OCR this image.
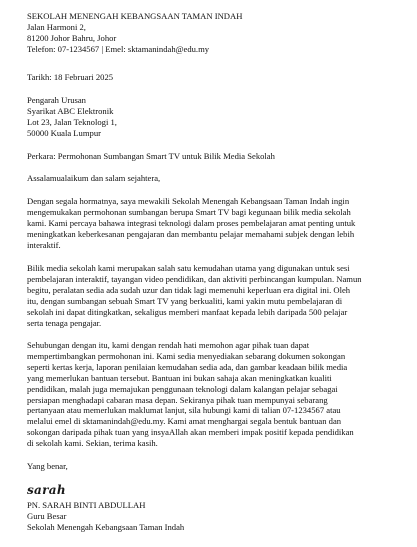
SEKOLAH MENENGAH KEBANGSAAN TAMAN INDAH
Jalan Harmoni 2,
81200 Johor Bahru, Johor
Telefon: 07-1234567 | Emel: sktamanindah@edu.my
Tarikh: 18 Februari 2025
Pengarah Urusan
Syarikat ABC Elektronik
Lot 23, Jalan Teknologi 1,
50000 Kuala Lumpur
Perkara: Permohonan Sumbangan Smart TV untuk Bilik Media Sekolah
Assalamualaikum dan salam sejahtera,
Dengan segala hormatnya, saya mewakili Sekolah Menengah Kebangsaan Taman Indah ingin
mengemukakan permohonan sumbangan berupa Smart TV bagi kegunaan bilik media sekolah
kami. Kami percaya bahawa integrasi teknologi dalam proses pembelajaran amat penting untuk
meningkatkan keberkesanan pengajaran dan membantu pelajar memahami subjek dengan lebih
interaktif.
Bilik media sekolah kami merupakan salah satu kemudahan utama yang digunakan untuk sesi
pembelajaran interaktif, tayangan video pendidikan, dan aktiviti perbincangan kumpulan. Namun
begitu, peralatan sedia ada sudah uzur dan tidak lagi memenuhi keperluan era digital ini. Oleh
itu, dengan sumbangan sebuah Smart TV yang berkualiti, kami yakin mutu pembelajaran di
sekolah ini dapat ditingkatkan, sekaligus memberi manfaat kepada lebih daripada 500 pelajar
serta tenaga pengajar.
Sehubungan dengan itu, kami dengan rendah hati memohon agar pihak tuan dapat
mempertimbangkan permohonan ini. Kami sedia menyediakan sebarang dokumen sokongan
seperti kertas kerja, laporan penilaian kemudahan sedia ada, dan gambar keadaan bilik media
yang memerlukan bantuan tersebut. Bantuan ini bukan sahaja akan meningkatkan kualiti
pendidikan, malah juga memajukan penggunaan teknologi dalam kalangan pelajar sebagai
persiapan menghadapi cabaran masa depan. Sekiranya pihak tuan mempunyai sebarang
pertanyaan atau memerlukan maklumat lanjut, sila hubungi kami di talian 07-1234567 atau
melalui emel di sktamanindah@edu.my. Kami amat menghargai segala bentuk bantuan dan
sokongan daripada pihak tuan yang insyaAllah akan memberi impak positif kepada pendidikan
di sekolah kami. Sekian, terima kasih.
Yang benar,
sarah
PN. SARAH BINTI ABDULLAH
Guru Besar
Sekolah Menengah Kebangsaan Taman Indah
